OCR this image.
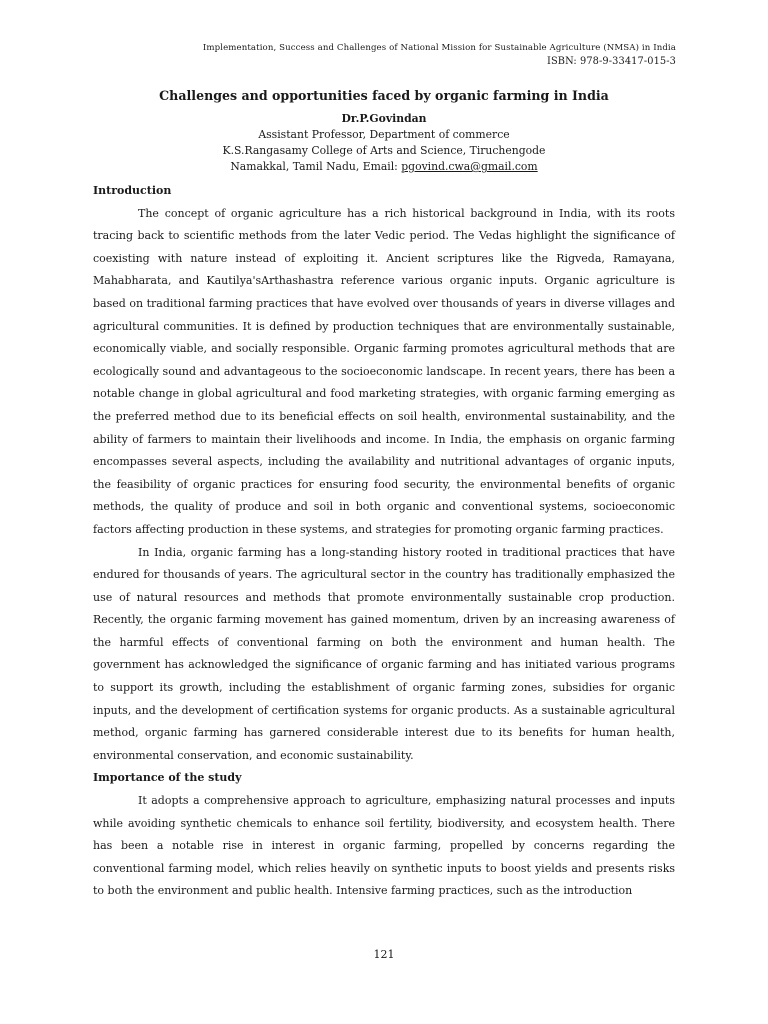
Implementation, Success and Challenges of National Mission for Sustainable Agriculture (NMSA) in India
ISBN: 978-9-33417-015-3
Challenges and opportunities faced by organic farming in India
Dr.P.Govindan
Assistant Professor, Department of commerce
K.S.Rangasamy College of Arts and Science, Tiruchengode
Namakkal, Tamil Nadu, Email: pgovind.cwa@gmail.com
Introduction
The concept of organic agriculture has a rich historical background in India, with its roots tracing back to scientific methods from the later Vedic period. The Vedas highlight the significance of coexisting with nature instead of exploiting it. Ancient scriptures like the Rigveda, Ramayana, Mahabharata, and Kautilya'sArthashastra reference various organic inputs. Organic agriculture is based on traditional farming practices that have evolved over thousands of years in diverse villages and agricultural communities. It is defined by production techniques that are environmentally sustainable, economically viable, and socially responsible. Organic farming promotes agricultural methods that are ecologically sound and advantageous to the socioeconomic landscape. In recent years, there has been a notable change in global agricultural and food marketing strategies, with organic farming emerging as the preferred method due to its beneficial effects on soil health, environmental sustainability, and the ability of farmers to maintain their livelihoods and income. In India, the emphasis on organic farming encompasses several aspects, including the availability and nutritional advantages of organic inputs, the feasibility of organic practices for ensuring food security, the environmental benefits of organic methods, the quality of produce and soil in both organic and conventional systems, socioeconomic factors affecting production in these systems, and strategies for promoting organic farming practices.
In India, organic farming has a long-standing history rooted in traditional practices that have endured for thousands of years. The agricultural sector in the country has traditionally emphasized the use of natural resources and methods that promote environmentally sustainable crop production. Recently, the organic farming movement has gained momentum, driven by an increasing awareness of the harmful effects of conventional farming on both the environment and human health. The government has acknowledged the significance of organic farming and has initiated various programs to support its growth, including the establishment of organic farming zones, subsidies for organic inputs, and the development of certification systems for organic products. As a sustainable agricultural method, organic farming has garnered considerable interest due to its benefits for human health, environmental conservation, and economic sustainability.
Importance of the study
It adopts a comprehensive approach to agriculture, emphasizing natural processes and inputs while avoiding synthetic chemicals to enhance soil fertility, biodiversity, and ecosystem health. There has been a notable rise in interest in organic farming, propelled by concerns regarding the conventional farming model, which relies heavily on synthetic inputs to boost yields and presents risks to both the environment and public health. Intensive farming practices, such as the introduction
121
